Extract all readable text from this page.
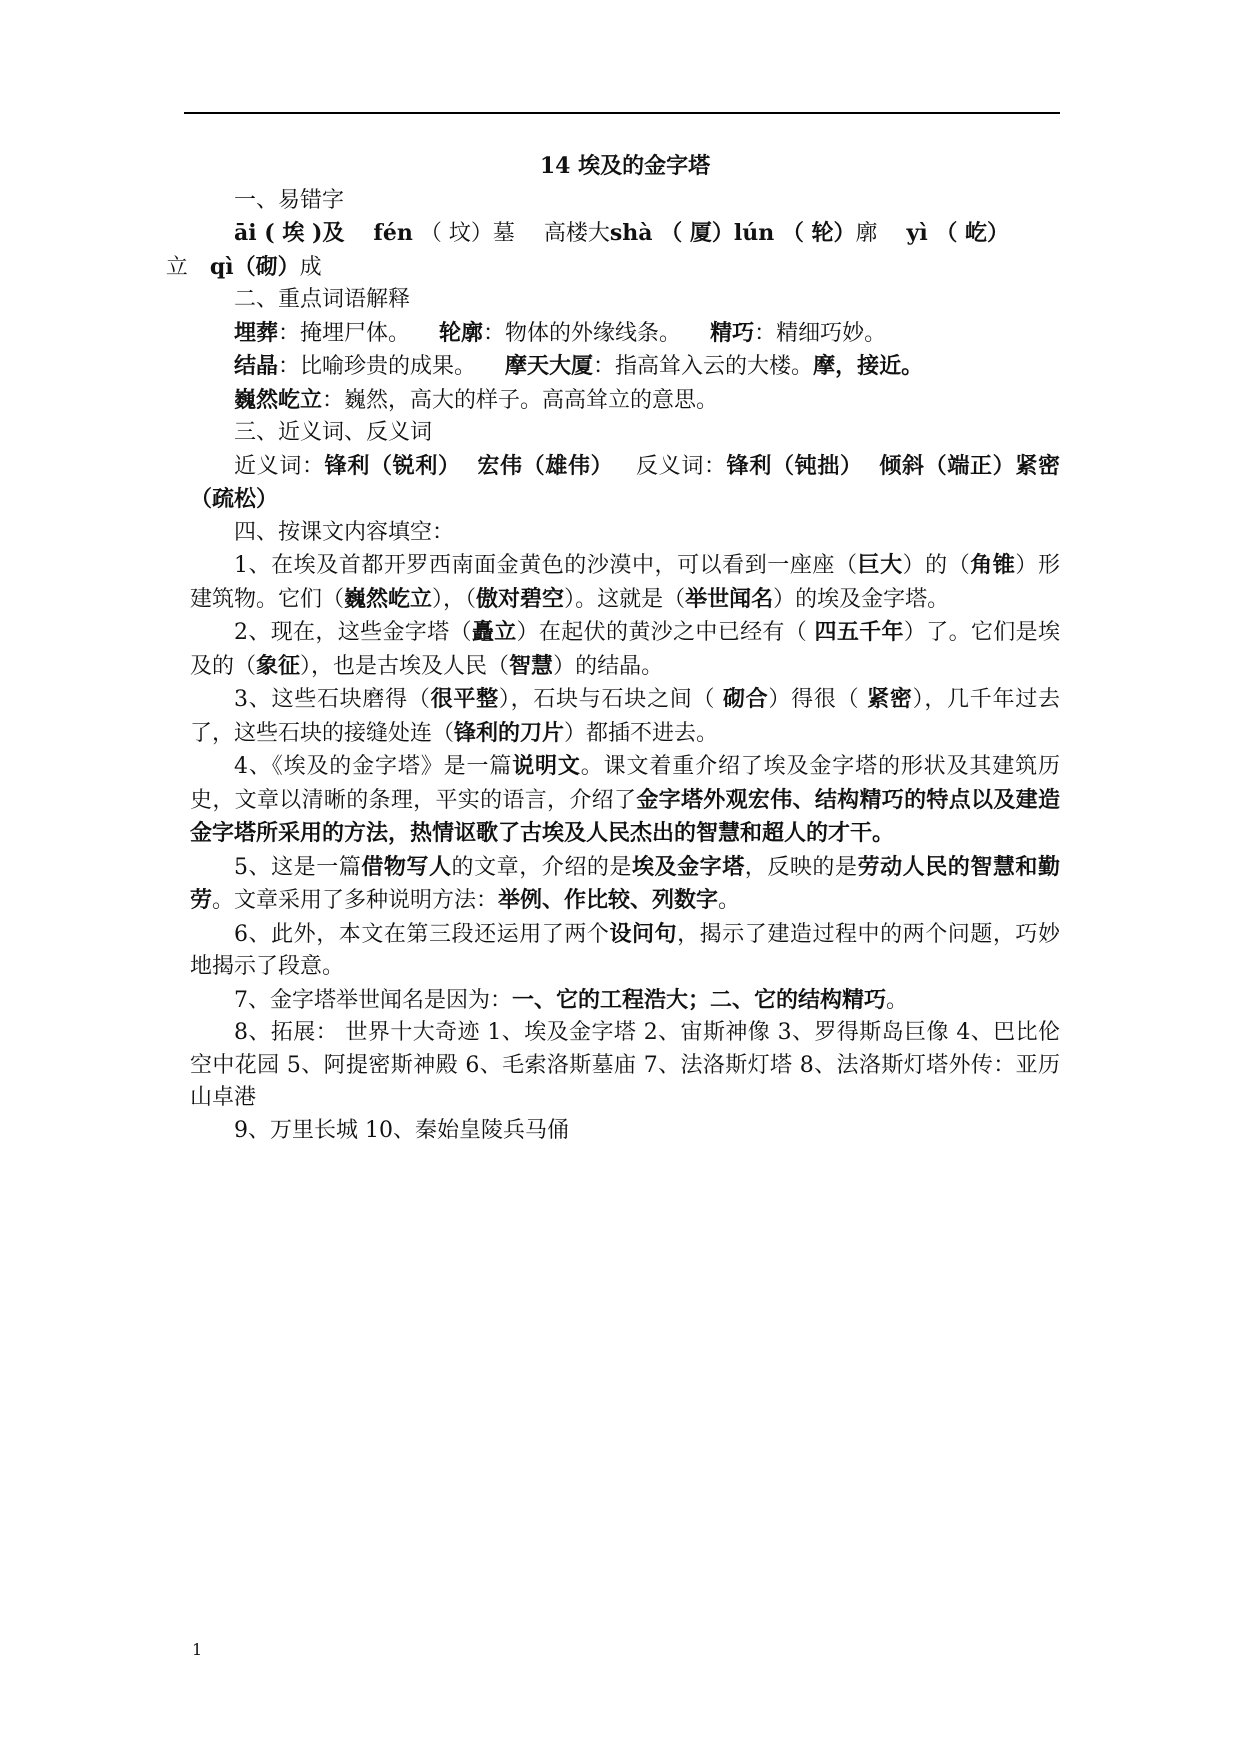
14 埃及的金字塔

一、易错字

āi ( 埃 )及 fén （ 坟）墓 高楼大shà （ 厦）lún （ 轮）廓 yì （ 屹）

立 qì（砌）成

二、重点词语解释

埋葬：掩埋尸体。 轮廓：物体的外缘线条。 精巧：精细巧妙。

结晶：比喻珍贵的成果。 摩天大厦：指高耸入云的大楼。摩，接近。

巍然屹立：巍然，高大的样子。高高耸立的意思。

三、近义词、反义词

近义词：锋利（锐利）  宏伟（雄伟） 反义词：锋利（钝拙）  倾斜（端正）紧密（疏松）

四、按课文内容填空：

1、在埃及首都开罗西南面金黄色的沙漠中，可以看到一座座（巨大）的（角锥）形建筑物。它们（巍然屹立），（傲对碧空）。这就是（举世闻名）的埃及金字塔。

2、现在，这些金字塔（矗立）在起伏的黄沙之中已经有（ 四五千年）了。它们是埃及的（象征），也是古埃及人民（智慧）的结晶。

3、这些石块磨得（很平整），石块与石块之间（ 砌合）得很（ 紧密），几千年过去了，这些石块的接缝处连（锋利的刀片）都插不进去。

4、《埃及的金字塔》是一篇说明文。课文着重介绍了埃及金字塔的形状及其建筑历史，文章以清晰的条理，平实的语言，介绍了金字塔外观宏伟、结构精巧的特点以及建造金字塔所采用的方法，热情讴歌了古埃及人民杰出的智慧和超人的才干。

5、这是一篇借物写人的文章，介绍的是埃及金字塔，反映的是劳动人民的智慧和勤劳。文章采用了多种说明方法：举例、作比较、列数字。

6、此外，本文在第三段还运用了两个设问句，揭示了建造过程中的两个问题，巧妙地揭示了段意。

7、金字塔举世闻名是因为：一、它的工程浩大；二、它的结构精巧。

8、拓展： 世界十大奇迹 1、埃及金字塔 2、宙斯神像 3、罗得斯岛巨像 4、巴比伦空中花园 5、阿提密斯神殿 6、毛索洛斯墓庙 7、法洛斯灯塔 8、法洛斯灯塔外传：亚历山卓港

9、万里长城 10、秦始皇陵兵马俑

1
